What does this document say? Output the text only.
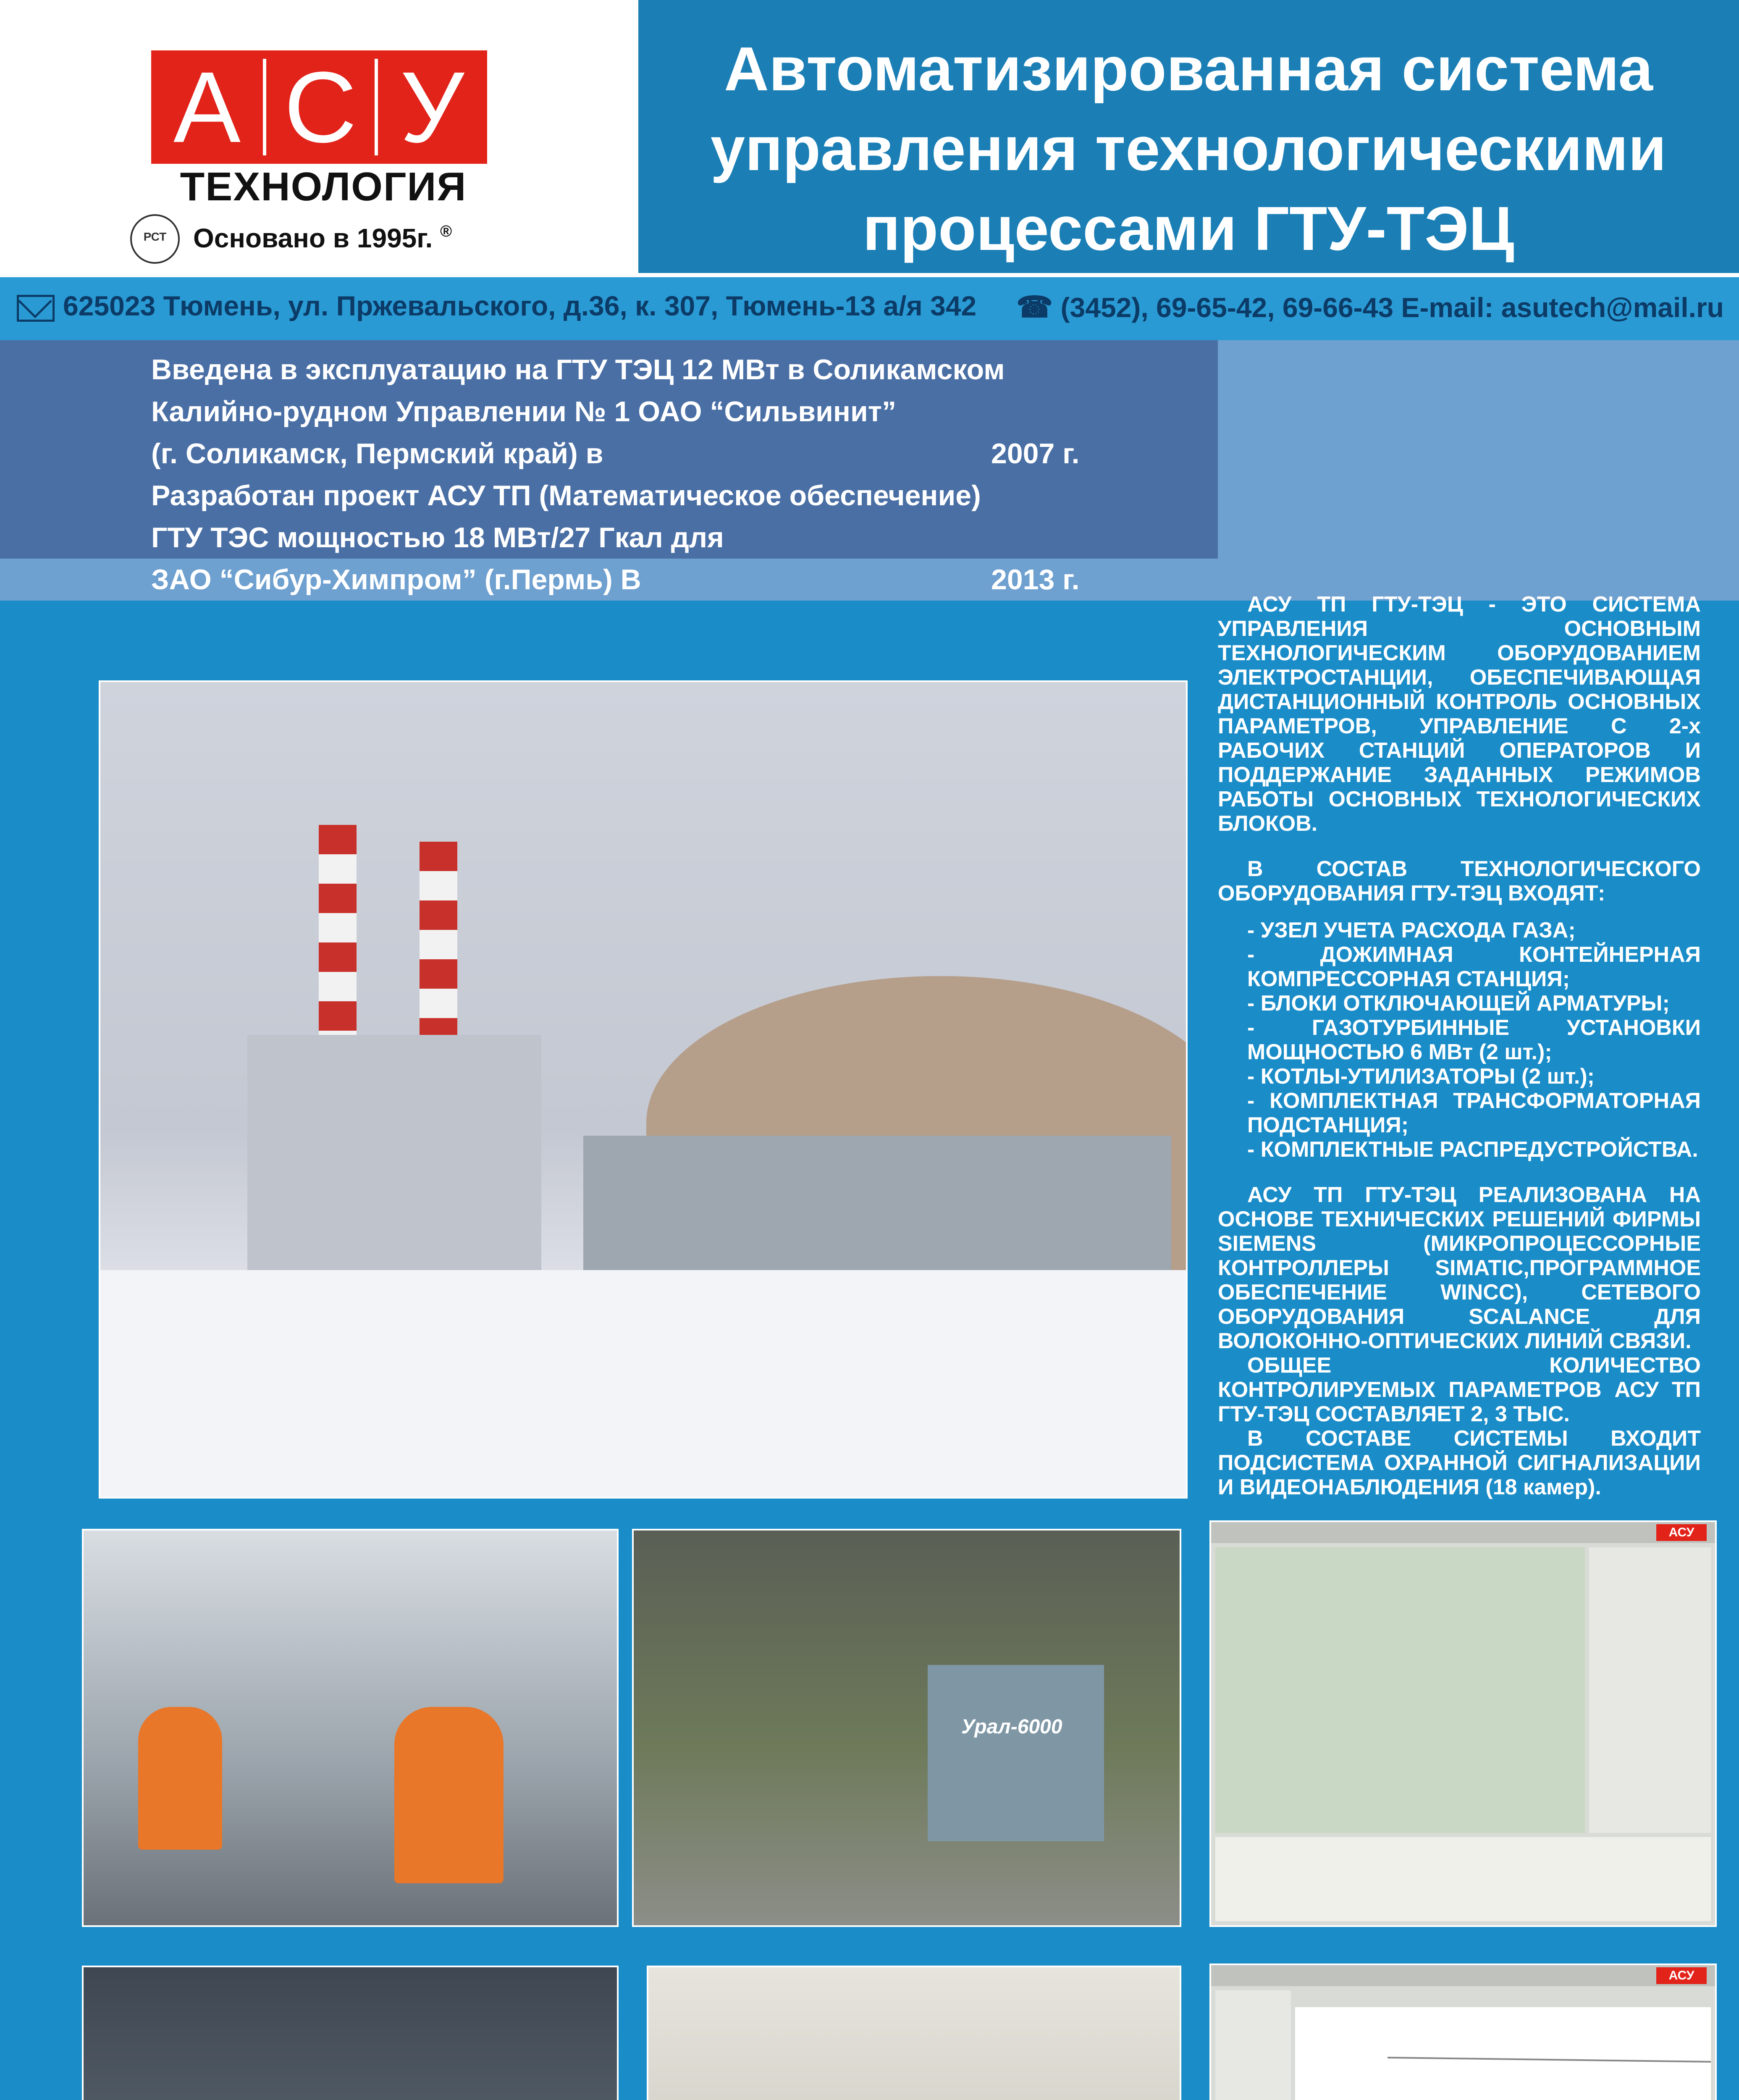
А С У
ТЕХНОЛОГИЯ
РСТ Основано в 1995г. ®
Автоматизированная система
управления технологическими
процессами ГТУ-ТЭЦ
625023 Тюмень, ул. Пржевальского, д.36, к. 307, Тюмень-13 а/я 342 ☎ (3452), 69-65-42, 69-66-43 E-mail: asutech@mail.ru
Введена в эксплуатацию на ГТУ ТЭЦ 12 МВт в Соликамском
Калийно-рудном Управлении № 1 ОАО “Сильвинит”
(г. Соликамск, Пермский край) в	2007 г.
Разработан проект АСУ ТП (Математическое обеспечение)
ГТУ ТЭС мощностью 18 МВт/27 Гкал для
ЗАО “Сибур-Химпром” (г.Пермь) В	2013 г.

АСУ ТП ГТУ-ТЭЦ - ЭТО СИСТЕМА УПРАВЛЕНИЯ ОСНОВНЫМ ТЕХНОЛОГИЧЕСКИМ ОБОРУДОВАНИЕМ ЭЛЕКТРОСТАНЦИИ, ОБЕСПЕЧИВАЮЩАЯ ДИСТАНЦИОННЫЙ КОНТРОЛЬ ОСНОВНЫХ ПАРАМЕТРОВ, УПРАВЛЕНИЕ С 2-х РАБОЧИХ СТАНЦИЙ ОПЕРАТОРОВ И ПОДДЕРЖАНИЕ ЗАДАННЫХ РЕЖИМОВ РАБОТЫ ОСНОВНЫХ ТЕХНОЛОГИЧЕСКИХ БЛОКОВ.

В СОСТАВ ТЕХНОЛОГИЧЕСКОГО ОБОРУДОВАНИЯ ГТУ-ТЭЦ ВХОДЯТ:

- УЗЕЛ УЧЕТА РАСХОДА ГАЗА;
- ДОЖИМНАЯ КОНТЕЙНЕРНАЯ КОМПРЕССОРНАЯ СТАНЦИЯ;
- БЛОКИ ОТКЛЮЧАЮЩЕЙ АРМАТУРЫ;
- ГАЗОТУРБИННЫЕ УСТАНОВКИ МОЩНОСТЬЮ 6 МВт (2 шт.);
- КОТЛЫ-УТИЛИЗАТОРЫ (2 шт.);
- КОМПЛЕКТНАЯ ТРАНСФОРМАТОРНАЯ ПОДСТАНЦИЯ;
- КОМПЛЕКТНЫЕ РАСПРЕДУСТРОЙСТВА.

АСУ ТП ГТУ-ТЭЦ РЕАЛИЗОВАНА НА ОСНОВЕ ТЕХНИЧЕСКИХ РЕШЕНИЙ ФИРМЫ SIEMENS (МИКРОПРОЦЕССОРНЫЕ КОНТРОЛЛЕРЫ SIMATIC,ПРОГРАММНОЕ ОБЕСПЕЧЕНИЕ WINCC), СЕТЕВОГО ОБОРУДОВАНИЯ SCALANCE ДЛЯ ВОЛОКОННО-ОПТИЧЕСКИХ ЛИНИЙ СВЯЗИ.

ОБЩЕЕ КОЛИЧЕСТВО КОНТРОЛИРУЕМЫХ ПАРАМЕТРОВ АСУ ТП ГТУ-ТЭЦ СОСТАВЛЯЕТ 2, 3 ТЫС.

В СОСТАВЕ СИСТЕМЫ ВХОДИТ ПОДСИСТЕМА ОХРАННОЙ СИГНАЛИЗАЦИИ И ВИДЕОНАБЛЮДЕНИЯ (18 камер).

Урал-6000
АСУ
АСУ
